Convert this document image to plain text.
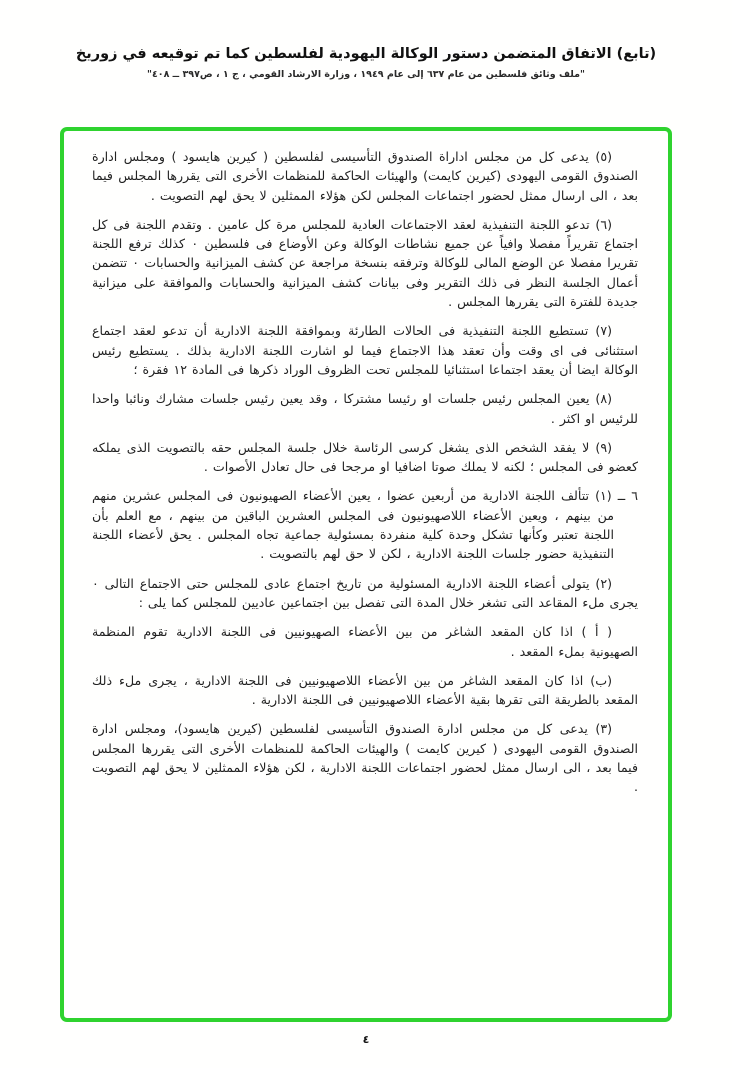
(تابع) الاتفاق المتضمن دستور الوكالة اليهودية لفلسطين كما تم توقيعه في زوريخ
"ملف وثائق فلسطين من عام ٦٣٧ إلى عام ١٩٤٩ ، وزارة الارشاد القومي ، ج ١ ، ص٣٩٧ ــ ٤٠٨"

(٥) يدعى كل من مجلس اداراة الصندوق التأسيسى لفلسطين ( كيرين هايسود ) ومجلس ادارة الصندوق القومى اليهودى (كيرين كايمت) والهيئات الحاكمة للمنظمات الأخرى التى يقررها المجلس فيما بعد ، الى ارسال ممثل لحضور اجتماعات المجلس لكن هؤلاء الممثلين لا يحق لهم التصويت .

(٦) تدعو اللجنة التنفيذية لعقد الاجتماعات العادية للمجلس مرة كل عامين . وتقدم اللجنة فى كل اجتماع تقريراً مفصلا وافياً عن جميع نشاطات الوكالة وعن الأوضاع فى فلسطين ۰ كذلك ترفع اللجنة تقريرا مفصلا عن الوضع المالى للوكالة وترفقه بنسخة مراجعة عن كشف الميزانية والحسابات ۰ تتضمن أعمال الجلسة النظر فى ذلك التقرير وفى بيانات كشف الميزانية والحسابات والموافقة على ميزانية جديدة للفترة التى يقررها المجلس .

(٧) تستطيع اللجنة التنفيذية فى الحالات الطارئة وبموافقة اللجنة الادارية أن تدعو لعقد اجتماع استثنائى فى اى وقت وأن تعقد هذا الاجتماع فيما لو اشارت اللجنة الادارية بذلك . يستطيع رئيس الوكالة ايضا أن يعقد اجتماعا استثنائيا للمجلس تحت الظروف الوراد ذكرها فى المادة ١٢ فقرة ؛

(٨) يعين المجلس رئيس جلسات او رئيسا مشتركا ، وقد يعين رئيس جلسات مشارك ونائبا واحدا للرئيس او اكثر .

(٩) لا يفقد الشخص الذى يشغل كرسى الرئاسة خلال جلسة المجلس حقه بالتصويت الذى يملكه كعضو فى المجلس ؛ لكنه لا يملك صوتا اضافيا او مرجحا فى حال تعادل الأصوات .

٦ ــ (١) تتألف اللجنة الادارية من أربعين عضوا ، يعين الأعضاء الصهيونيون فى المجلس عشرين منهم من بينهم ، ويعين الأعضاء اللاصهيونيون فى المجلس العشرين الباقين من بينهم ، مع العلم بأن اللجنة تعتبر وكأنها تشكل وحدة كلية منفردة بمسئولية جماعية تجاه المجلس . يحق لأعضاء اللجنة التنفيذية حضور جلسات اللجنة الادارية ، لكن لا حق لهم بالتصويت .

(٢) يتولى أعضاء اللجنة الادارية المسئولية من تاريخ اجتماع عادى للمجلس حتى الاجتماع التالى ۰ يجرى ملء المقاعد التى تشغر خلال المدة التى تفصل بين اجتماعين عاديين للمجلس كما يلى :

( أ ) اذا كان المقعد الشاغر من بين الأعضاء الصهيونيين فى اللجنة الادارية تقوم المنظمة الصهيونية بملء المقعد .

(ب) اذا كان المقعد الشاغر من بين الأعضاء اللاصهيونيين فى اللجنة الادارية ، يجرى ملء ذلك المقعد بالطريقة التى تقرها بقية الأعضاء اللاصهيونيين فى اللجنة الادارية .

(٣) يدعى كل من مجلس ادارة الصندوق التأسيسى لفلسطين (كيرين هايسود)، ومجلس ادارة الصندوق القومى اليهودى ( كيرين كايمت ) والهيئات الحاكمة للمنظمات الأخرى التى يقررها المجلس فيما بعد ، الى ارسال ممثل لحضور اجتماعات اللجنة الادارية ، لكن هؤلاء الممثلين لا يحق لهم التصويت .

٤
